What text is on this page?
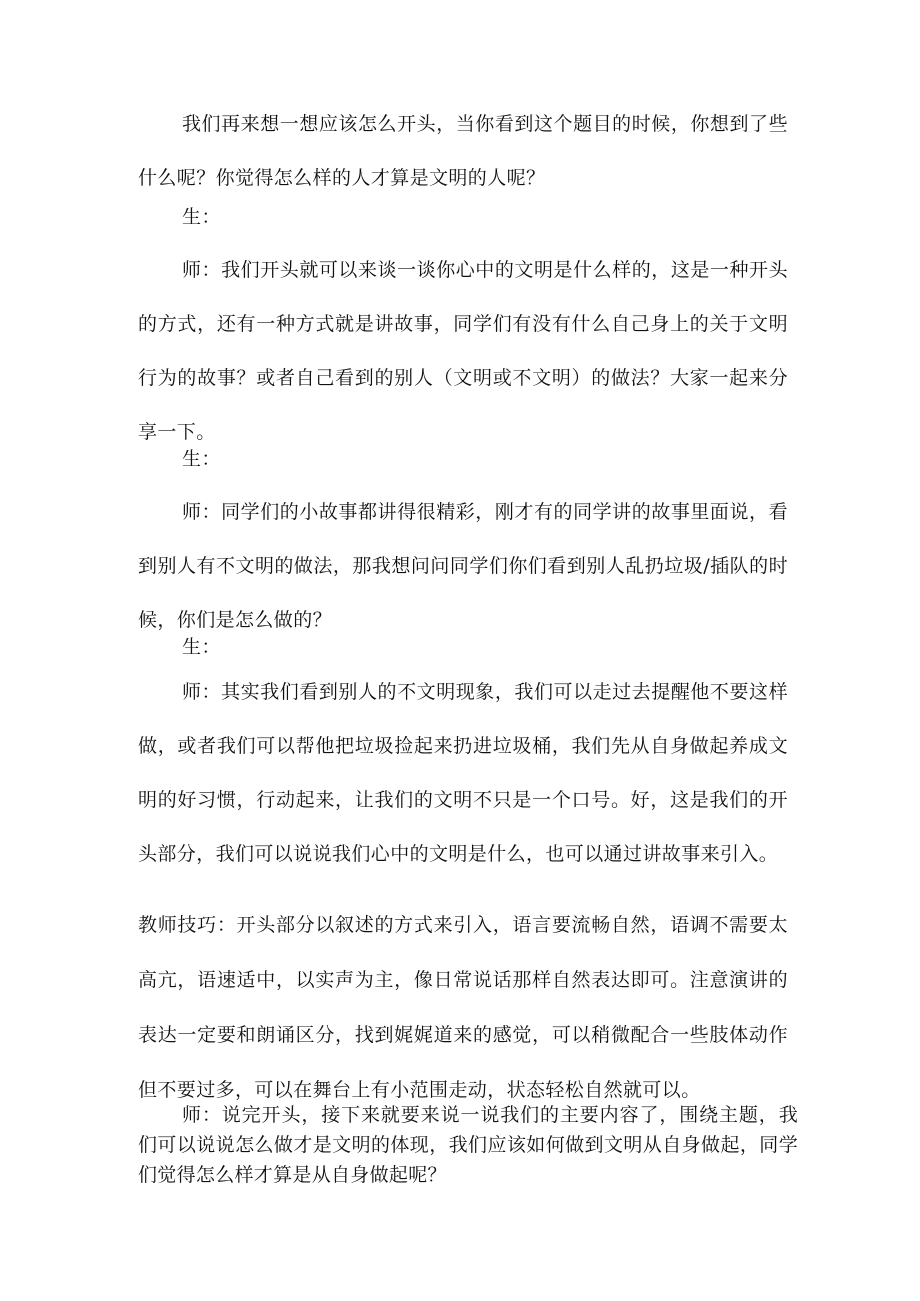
我们再来想一想应该怎么开头，当你看到这个题目的时候，你想到了些什么呢？你觉得怎么样的人才算是文明的人呢？

生：

师：我们开头就可以来谈一谈你心中的文明是什么样的，这是一种开头的方式，还有一种方式就是讲故事，同学们有没有什么自己身上的关于文明行为的故事？或者自己看到的别人（文明或不文明）的做法？大家一起来分享一下。

生：

师：同学们的小故事都讲得很精彩，刚才有的同学讲的故事里面说，看到别人有不文明的做法，那我想问问同学们你们看到别人乱扔垃圾/插队的时候，你们是怎么做的？

生：

师：其实我们看到别人的不文明现象，我们可以走过去提醒他不要这样做，或者我们可以帮他把垃圾捡起来扔进垃圾桶，我们先从自身做起养成文明的好习惯，行动起来，让我们的文明不只是一个口号。好，这是我们的开头部分，我们可以说说我们心中的文明是什么，也可以通过讲故事来引入。

教师技巧：开头部分以叙述的方式来引入，语言要流畅自然，语调不需要太高亢，语速适中，以实声为主，像日常说话那样自然表达即可。注意演讲的表达一定要和朗诵区分，找到娓娓道来的感觉，可以稍微配合一些肢体动作但不要过多，可以在舞台上有小范围走动，状态轻松自然就可以。

师：说完开头，接下来就要来说一说我们的主要内容了，围绕主题，我们可以说说怎么做才是文明的体现，我们应该如何做到文明从自身做起，同学们觉得怎么样才算是从自身做起呢？
